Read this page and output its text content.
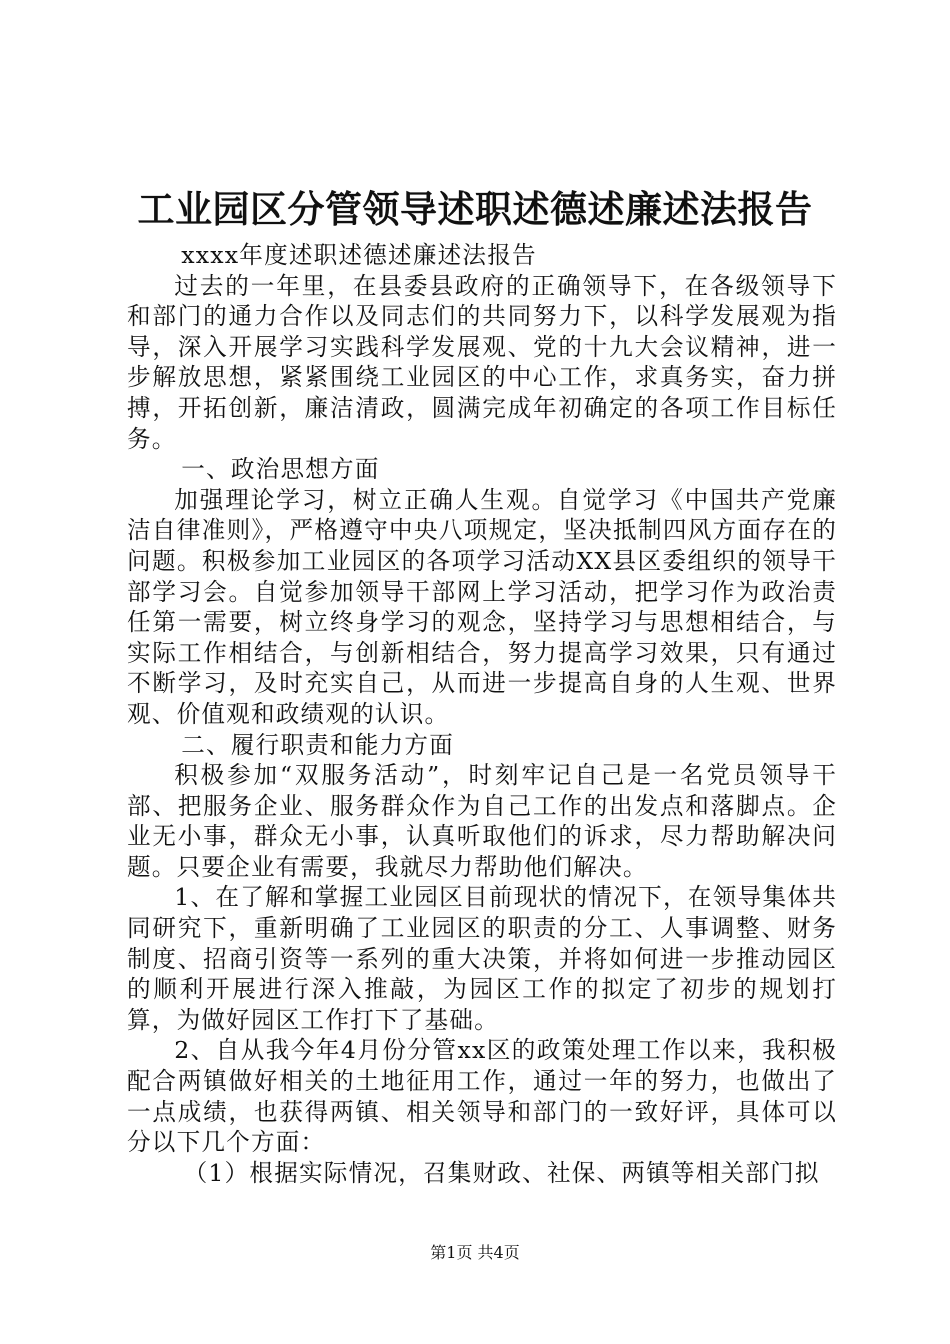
工业园区分管领导述职述德述廉述法报告

xxxx年度述职述德述廉述法报告

过去的一年里，在县委县政府的正确领导下，在各级领导下和部门的通力合作以及同志们的共同努力下，以科学发展观为指导，深入开展学习实践科学发展观、党的十九大会议精神，进一步解放思想，紧紧围绕工业园区的中心工作，求真务实，奋力拼搏，开拓创新，廉洁清政，圆满完成年初确定的各项工作目标任务。

一、政治思想方面

加强理论学习，树立正确人生观。自觉学习《中国共产党廉洁自律准则》，严格遵守中央八项规定，坚决抵制四风方面存在的问题。积极参加工业园区的各项学习活动XX县区委组织的领导干部学习会。自觉参加领导干部网上学习活动，把学习作为政治责任第一需要，树立终身学习的观念，坚持学习与思想相结合，与实际工作相结合，与创新相结合，努力提高学习效果，只有通过不断学习，及时充实自己，从而进一步提高自身的人生观、世界观、价值观和政绩观的认识。

二、履行职责和能力方面

积极参加“双服务活动”，时刻牢记自己是一名党员领导干部、把服务企业、服务群众作为自己工作的出发点和落脚点。企业无小事，群众无小事，认真听取他们的诉求，尽力帮助解决问题。只要企业有需要，我就尽力帮助他们解决。

1、在了解和掌握工业园区目前现状的情况下，在领导集体共同研究下，重新明确了工业园区的职责的分工、人事调整、财务制度、招商引资等一系列的重大决策，并将如何进一步推动园区的顺利开展进行深入推敲，为园区工作的拟定了初步的规划打算，为做好园区工作打下了基础。

2、自从我今年4月份分管xx区的政策处理工作以来，我积极配合两镇做好相关的土地征用工作，通过一年的努力，也做出了一点成绩，也获得两镇、相关领导和部门的一致好评，具体可以分以下几个方面：

（1）根据实际情况，召集财政、社保、两镇等相关部门拟

第1页 共4页
